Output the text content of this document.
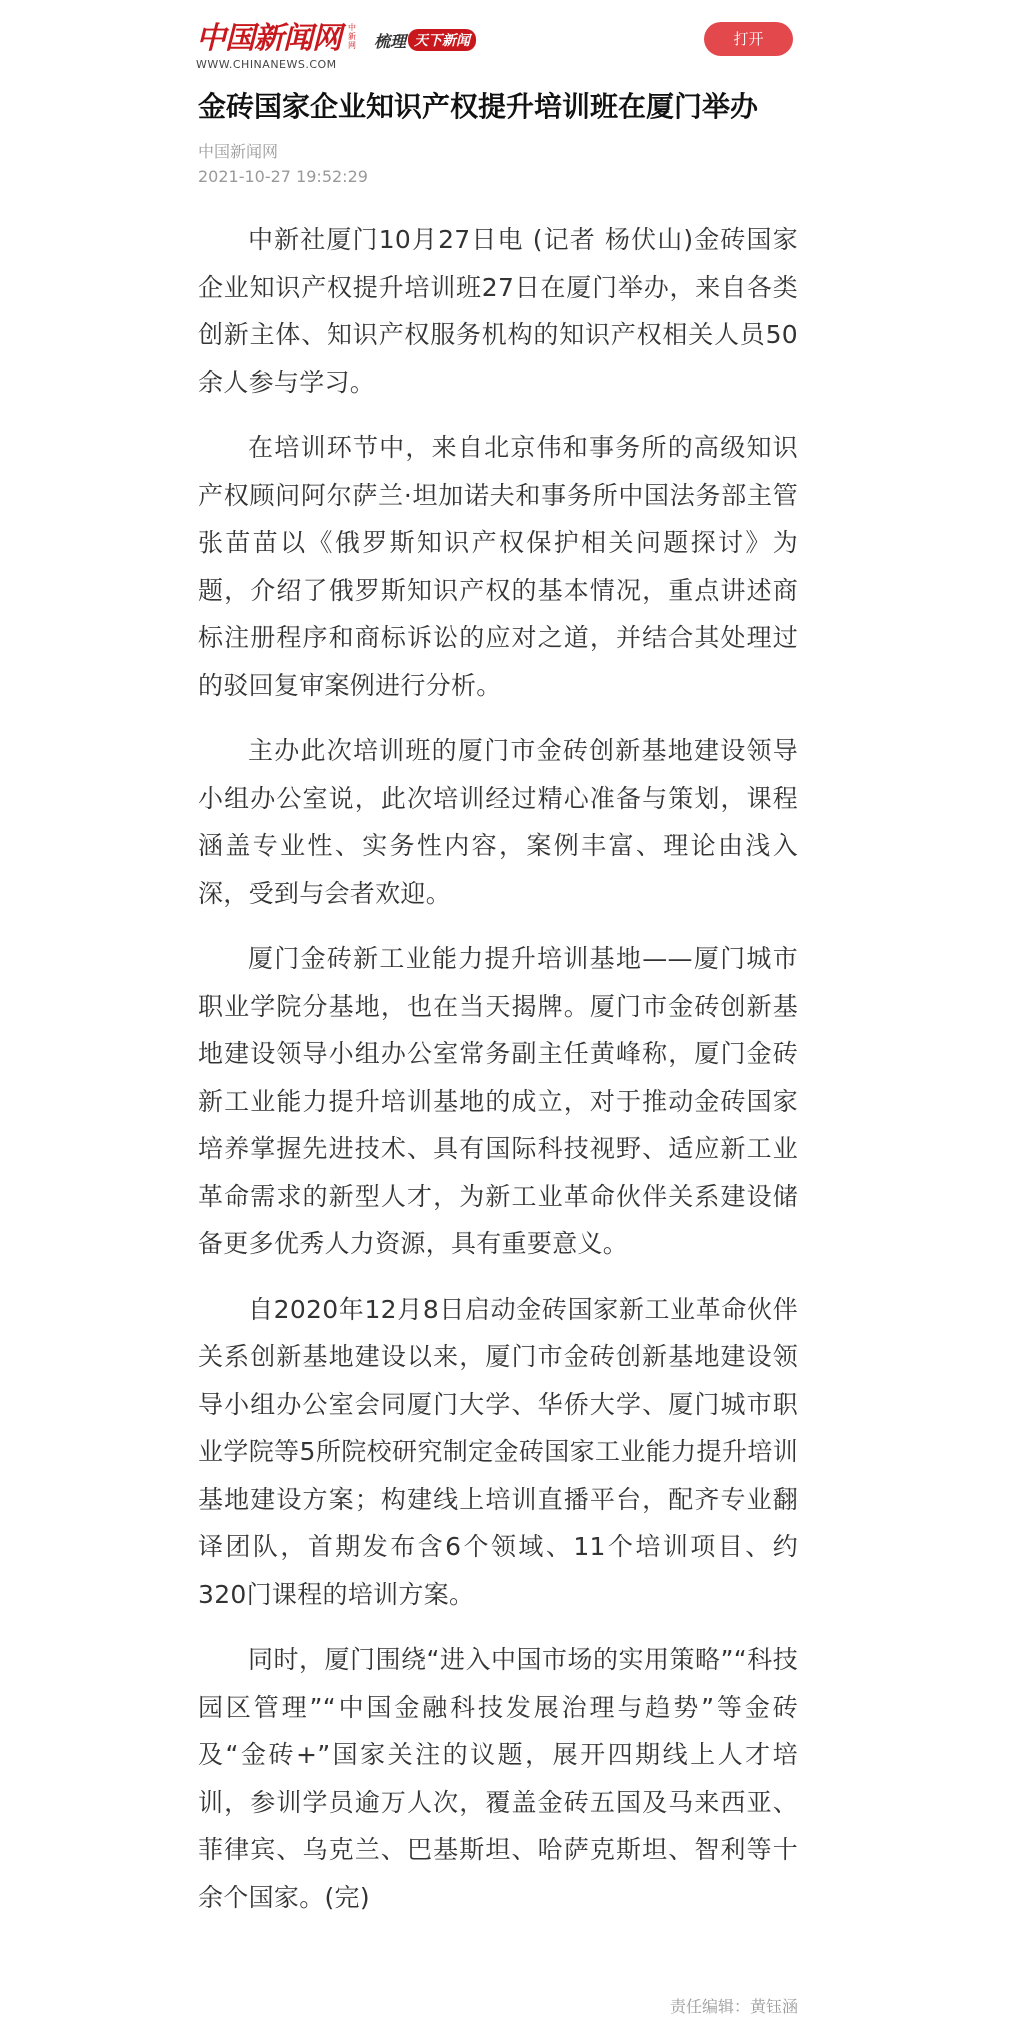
中国新闻网 中新网
WWW.CHINANEWS.COM
梳理 天下新闻	打开
金砖国家企业知识产权提升培训班在厦门举办
中国新闻网
2021-10-27 19:52:29

中新社厦门10月27日电 (记者 杨伏山)金砖国家企业知识产权提升培训班27日在厦门举办，来自各类创新主体、知识产权服务机构的知识产权相关人员50余人参与学习。

在培训环节中，来自北京伟和事务所的高级知识产权顾问阿尔萨兰·坦加诺夫和事务所中国法务部主管张苗苗以《俄罗斯知识产权保护相关问题探讨》为题，介绍了俄罗斯知识产权的基本情况，重点讲述商标注册程序和商标诉讼的应对之道，并结合其处理过的驳回复审案例进行分析。

主办此次培训班的厦门市金砖创新基地建设领导小组办公室说，此次培训经过精心准备与策划，课程涵盖专业性、实务性内容，案例丰富、理论由浅入深，受到与会者欢迎。

厦门金砖新工业能力提升培训基地——厦门城市职业学院分基地，也在当天揭牌。厦门市金砖创新基地建设领导小组办公室常务副主任黄峰称，厦门金砖新工业能力提升培训基地的成立，对于推动金砖国家培养掌握先进技术、具有国际科技视野、适应新工业革命需求的新型人才，为新工业革命伙伴关系建设储备更多优秀人力资源，具有重要意义。

自2020年12月8日启动金砖国家新工业革命伙伴关系创新基地建设以来，厦门市金砖创新基地建设领导小组办公室会同厦门大学、华侨大学、厦门城市职业学院等5所院校研究制定金砖国家工业能力提升培训基地建设方案；构建线上培训直播平台，配齐专业翻译团队，首期发布含6个领域、11个培训项目、约320门课程的培训方案。

同时，厦门围绕“进入中国市场的实用策略”“科技园区管理”“中国金融科技发展治理与趋势”等金砖及“金砖+”国家关注的议题，展开四期线上人才培训，参训学员逾万人次，覆盖金砖五国及马来西亚、菲律宾、乌克兰、巴基斯坦、哈萨克斯坦、智利等十余个国家。(完)

责任编辑：黄钰涵
